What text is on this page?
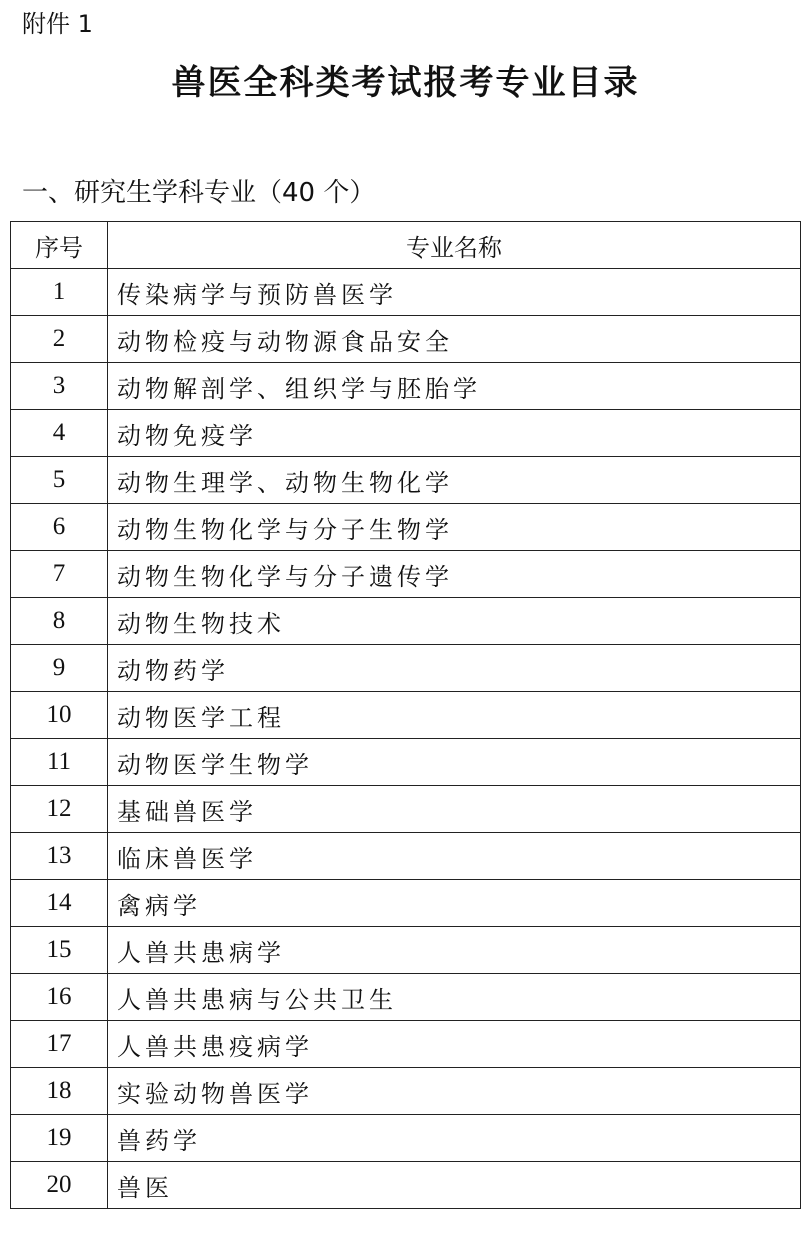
附件 1
兽医全科类考试报考专业目录
一、研究生学科专业（40 个）
序号	专业名称
1	传染病学与预防兽医学
2	动物检疫与动物源食品安全
3	动物解剖学、组织学与胚胎学
4	动物免疫学
5	动物生理学、动物生物化学
6	动物生物化学与分子生物学
7	动物生物化学与分子遗传学
8	动物生物技术
9	动物药学
10	动物医学工程
11	动物医学生物学
12	基础兽医学
13	临床兽医学
14	禽病学
15	人兽共患病学
16	人兽共患病与公共卫生
17	人兽共患疫病学
18	实验动物兽医学
19	兽药学
20	兽医
